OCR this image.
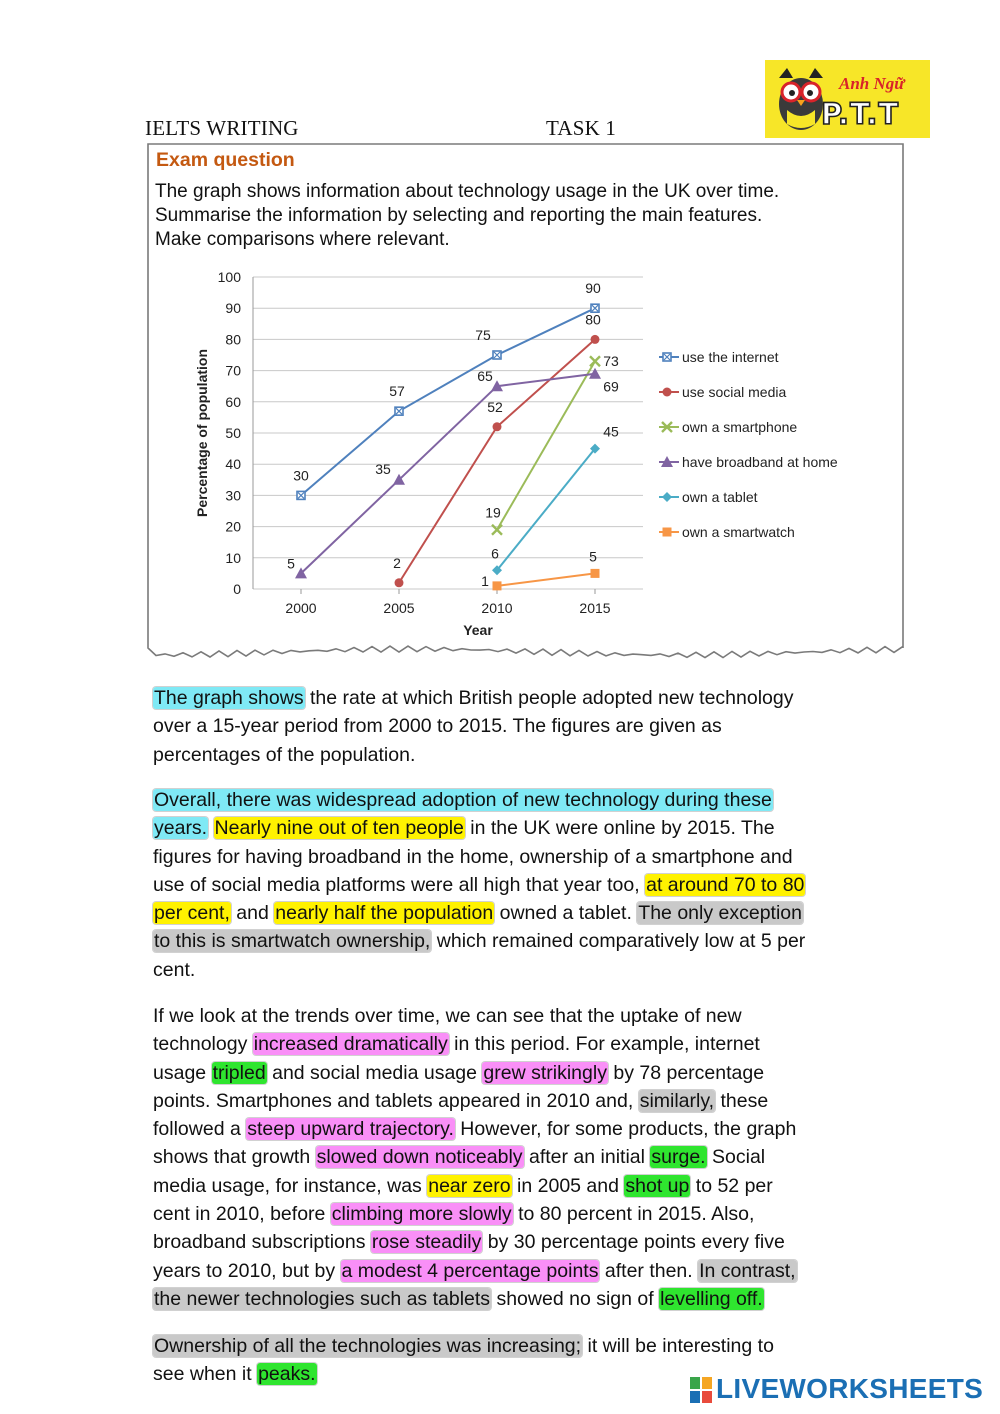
IELTS WRITING	TASK 1
Anh Ngữ
P.T.T
Exam question

The graph shows information about technology usage in the UK over time.
Summarise the information by selecting and reporting the main features.
Make comparisons where relevant.

0
10
20
30
40
50
60
70
80
90
100
2000	2005	2010	2015
Year
Percentage of population	30
57
75
90
use the internet
2
52
80
use social media
19
73
own a smartphone
5
35
65
69
have broadband at home
6
45
own a tablet
1
5
own a smartwatch

The graph shows the rate at which British people adopted new technology
over a 15-year period from 2000 to 2015. The figures are given as
percentages of the population.

Overall, there was widespread adoption of new technology during these
years. Nearly nine out of ten people in the UK were online by 2015. The
figures for having broadband in the home, ownership of a smartphone and
use of social media platforms were all high that year too, at around 70 to 80
per cent, and nearly half the population owned a tablet. The only exception
to this is smartwatch ownership, which remained comparatively low at 5 per
cent.

If we look at the trends over time, we can see that the uptake of new
technology increased dramatically in this period. For example, internet
usage tripled and social media usage grew strikingly by 78 percentage
points. Smartphones and tablets appeared in 2010 and, similarly, these
followed a steep upward trajectory. However, for some products, the graph
shows that growth slowed down noticeably after an initial surge. Social
media usage, for instance, was near zero in 2005 and shot up to 52 per
cent in 2010, before climbing more slowly to 80 percent in 2015. Also,
broadband subscriptions rose steadily by 30 percentage points every five
years to 2010, but by a modest 4 percentage points after then. In contrast,
the newer technologies such as tablets showed no sign of levelling off.

Ownership of all the technologies was increasing; it will be interesting to
see when it peaks.	LIVEWORKSHEETS
